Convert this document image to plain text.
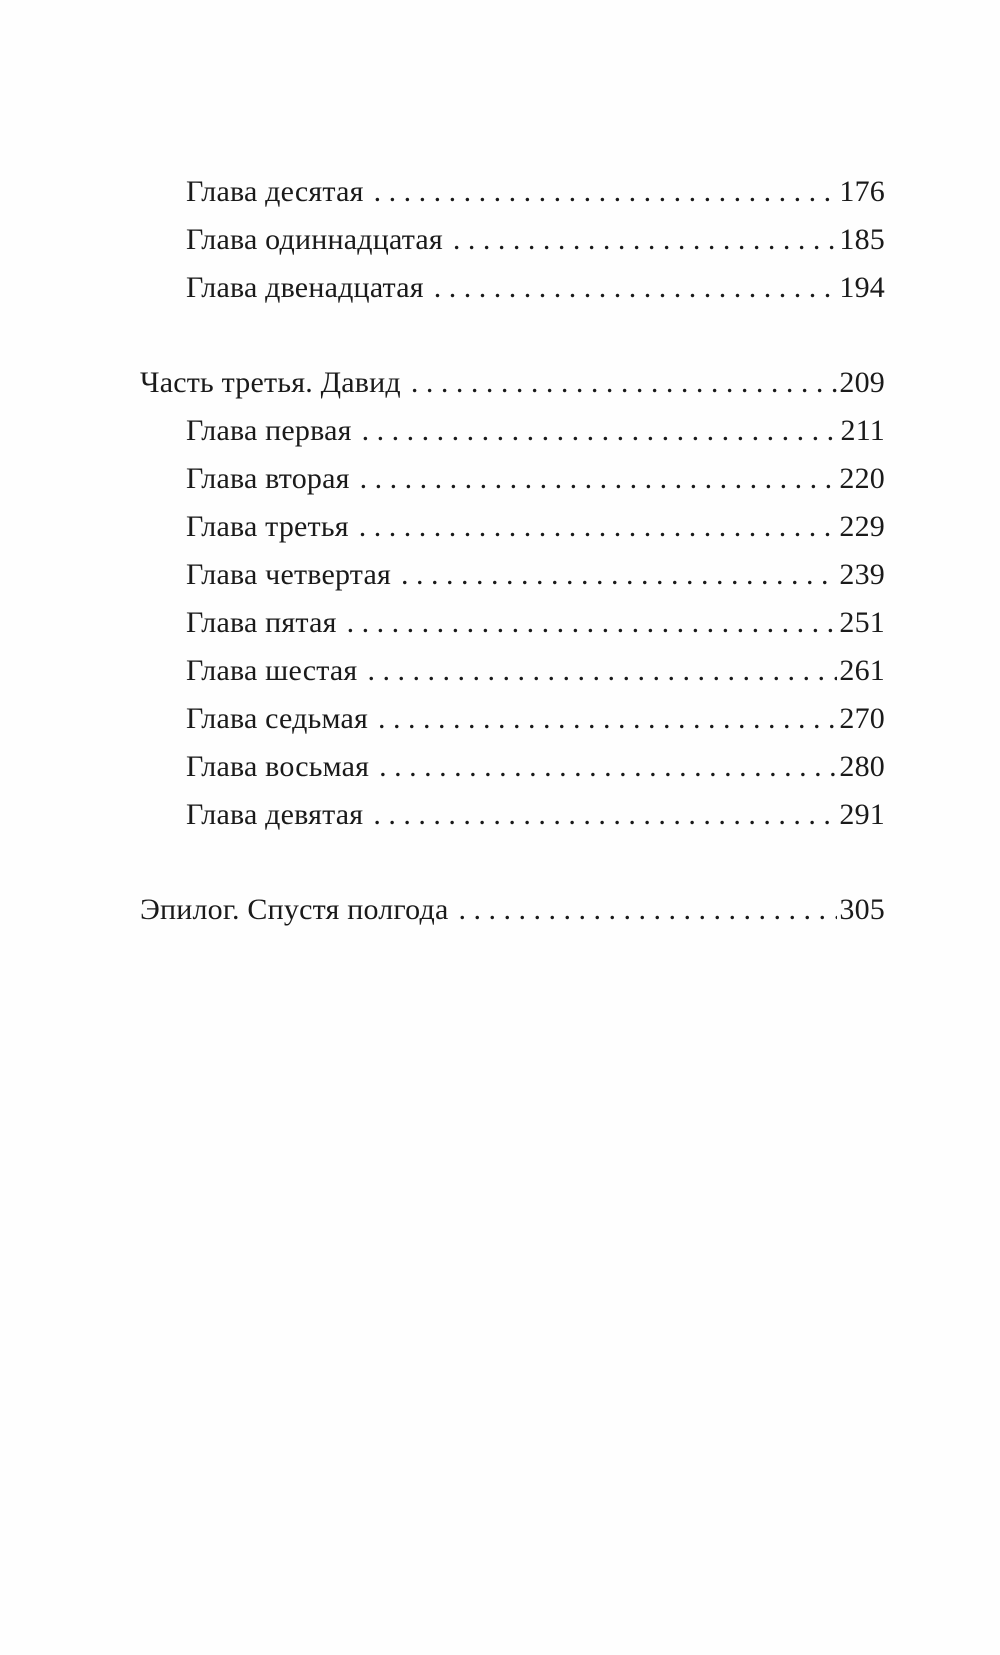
Глава десятая . . .	176
Глава одиннадцатая . . .	185
Глава двенадцатая . . .	194
Часть третья. Давид . . .	209
Глава первая . . .	211
Глава вторая . . .	220
Глава третья . . .	229
Глава четвертая . . .	239
Глава пятая . . .	251
Глава шестая . . .	261
Глава седьмая . . .	270
Глава восьмая . . .	280
Глава девятая . . .	291
Эпилог. Спустя полгода . . .	305
